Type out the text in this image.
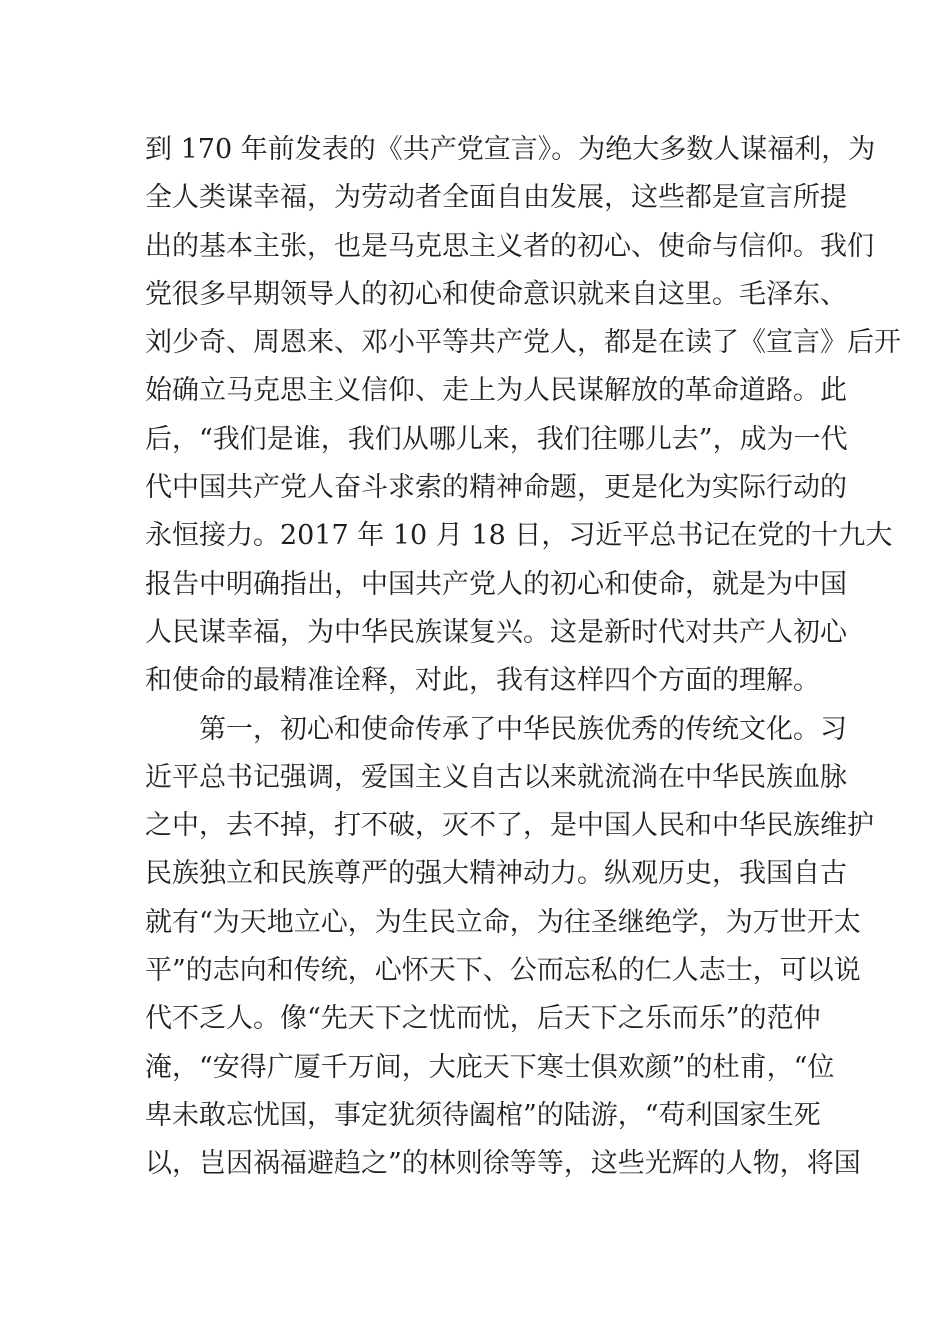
到 170 年前发表的《共产党宣言》。为绝大多数人谋福利，为
全人类谋幸福，为劳动者全面自由发展，这些都是宣言所提
出的基本主张，也是马克思主义者的初心、使命与信仰。我们
党很多早期领导人的初心和使命意识就来自这里。毛泽东、
刘少奇、周恩来、邓小平等共产党人，都是在读了《宣言》后开
始确立马克思主义信仰、走上为人民谋解放的革命道路。此
后，“我们是谁，我们从哪儿来，我们往哪儿去”，成为一代
代中国共产党人奋斗求索的精神命题，更是化为实际行动的
永恒接力。2017 年 10 月 18 日，习近平总书记在党的十九大
报告中明确指出，中国共产党人的初心和使命，就是为中国
人民谋幸福，为中华民族谋复兴。这是新时代对共产人初心
和使命的最精准诠释，对此，我有这样四个方面的理解。
第一，初心和使命传承了中华民族优秀的传统文化。习
近平总书记强调，爱国主义自古以来就流淌在中华民族血脉
之中，去不掉，打不破，灭不了，是中国人民和中华民族维护
民族独立和民族尊严的强大精神动力。纵观历史，我国自古
就有“为天地立心，为生民立命，为往圣继绝学，为万世开太
平”的志向和传统，心怀天下、公而忘私的仁人志士，可以说
代不乏人。像“先天下之忧而忧，后天下之乐而乐”的范仲
淹，“安得广厦千万间，大庇天下寒士俱欢颜”的杜甫，“位
卑未敢忘忧国，事定犹须待阖棺”的陆游，“苟利国家生死
以，岂因祸福避趋之”的林则徐等等，这些光辉的人物，将国
